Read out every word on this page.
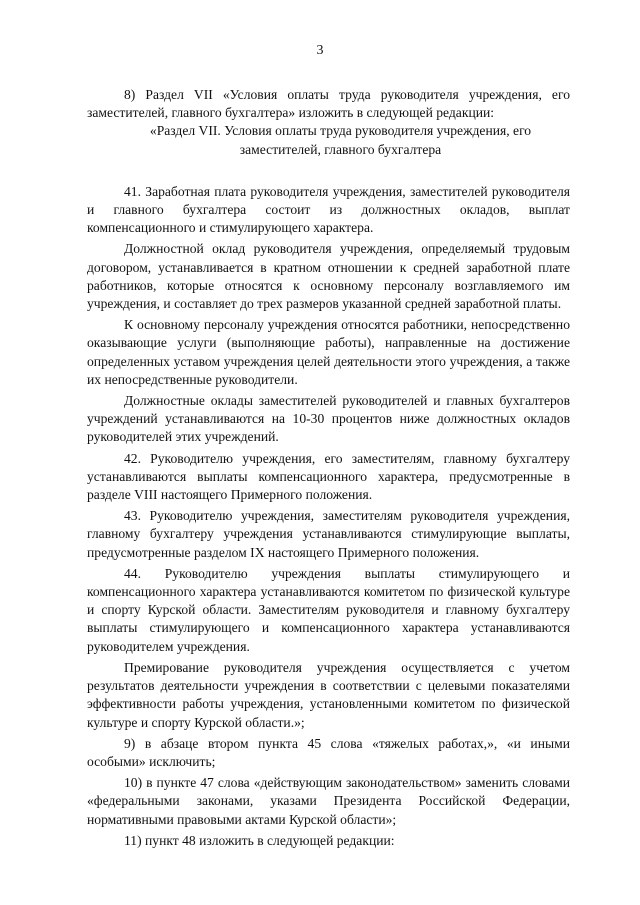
3

8) Раздел VII «Условия оплаты труда руководителя учреждения, его заместителей, главного бухгалтера» изложить в следующей редакции:

«Раздел VII. Условия оплаты труда руководителя учреждения, его заместителей, главного бухгалтера

41. Заработная плата руководителя учреждения, заместителей руководителя и главного бухгалтера состоит из должностных окладов, выплат компенсационного и стимулирующего характера.

Должностной оклад руководителя учреждения, определяемый трудовым договором, устанавливается в кратном отношении к средней заработной плате работников, которые относятся к основному персоналу возглавляемого им учреждения, и составляет до трех размеров указанной средней заработной платы.

К основному персоналу учреждения относятся работники, непосредственно оказывающие услуги (выполняющие работы), направленные на достижение определенных уставом учреждения целей деятельности этого учреждения, а также их непосредственные руководители.

Должностные оклады заместителей руководителей и главных бухгалтеров учреждений устанавливаются на 10-30 процентов ниже должностных окладов руководителей этих учреждений.

42. Руководителю учреждения, его заместителям, главному бухгалтеру устанавливаются выплаты компенсационного характера, предусмотренные в разделе VIII настоящего Примерного положения.

43. Руководителю учреждения, заместителям руководителя учреждения, главному бухгалтеру учреждения устанавливаются стимулирующие выплаты, предусмотренные разделом IX настоящего Примерного положения.

44. Руководителю учреждения выплаты стимулирующего и компенсационного характера устанавливаются комитетом по физической культуре и спорту Курской области. Заместителям руководителя и главному бухгалтеру выплаты стимулирующего и компенсационного характера устанавливаются руководителем учреждения.

Премирование руководителя учреждения осуществляется с учетом результатов деятельности учреждения в соответствии с целевыми показателями эффективности работы учреждения, установленными комитетом по физической культуре и спорту Курской области.»;

9) в абзаце втором пункта 45 слова «тяжелых работах,», «и иными особыми» исключить;

10) в пункте 47 слова «действующим законодательством» заменить словами «федеральными законами, указами Президента Российской Федерации, нормативными правовыми актами Курской области»;

11) пункт 48 изложить в следующей редакции:
